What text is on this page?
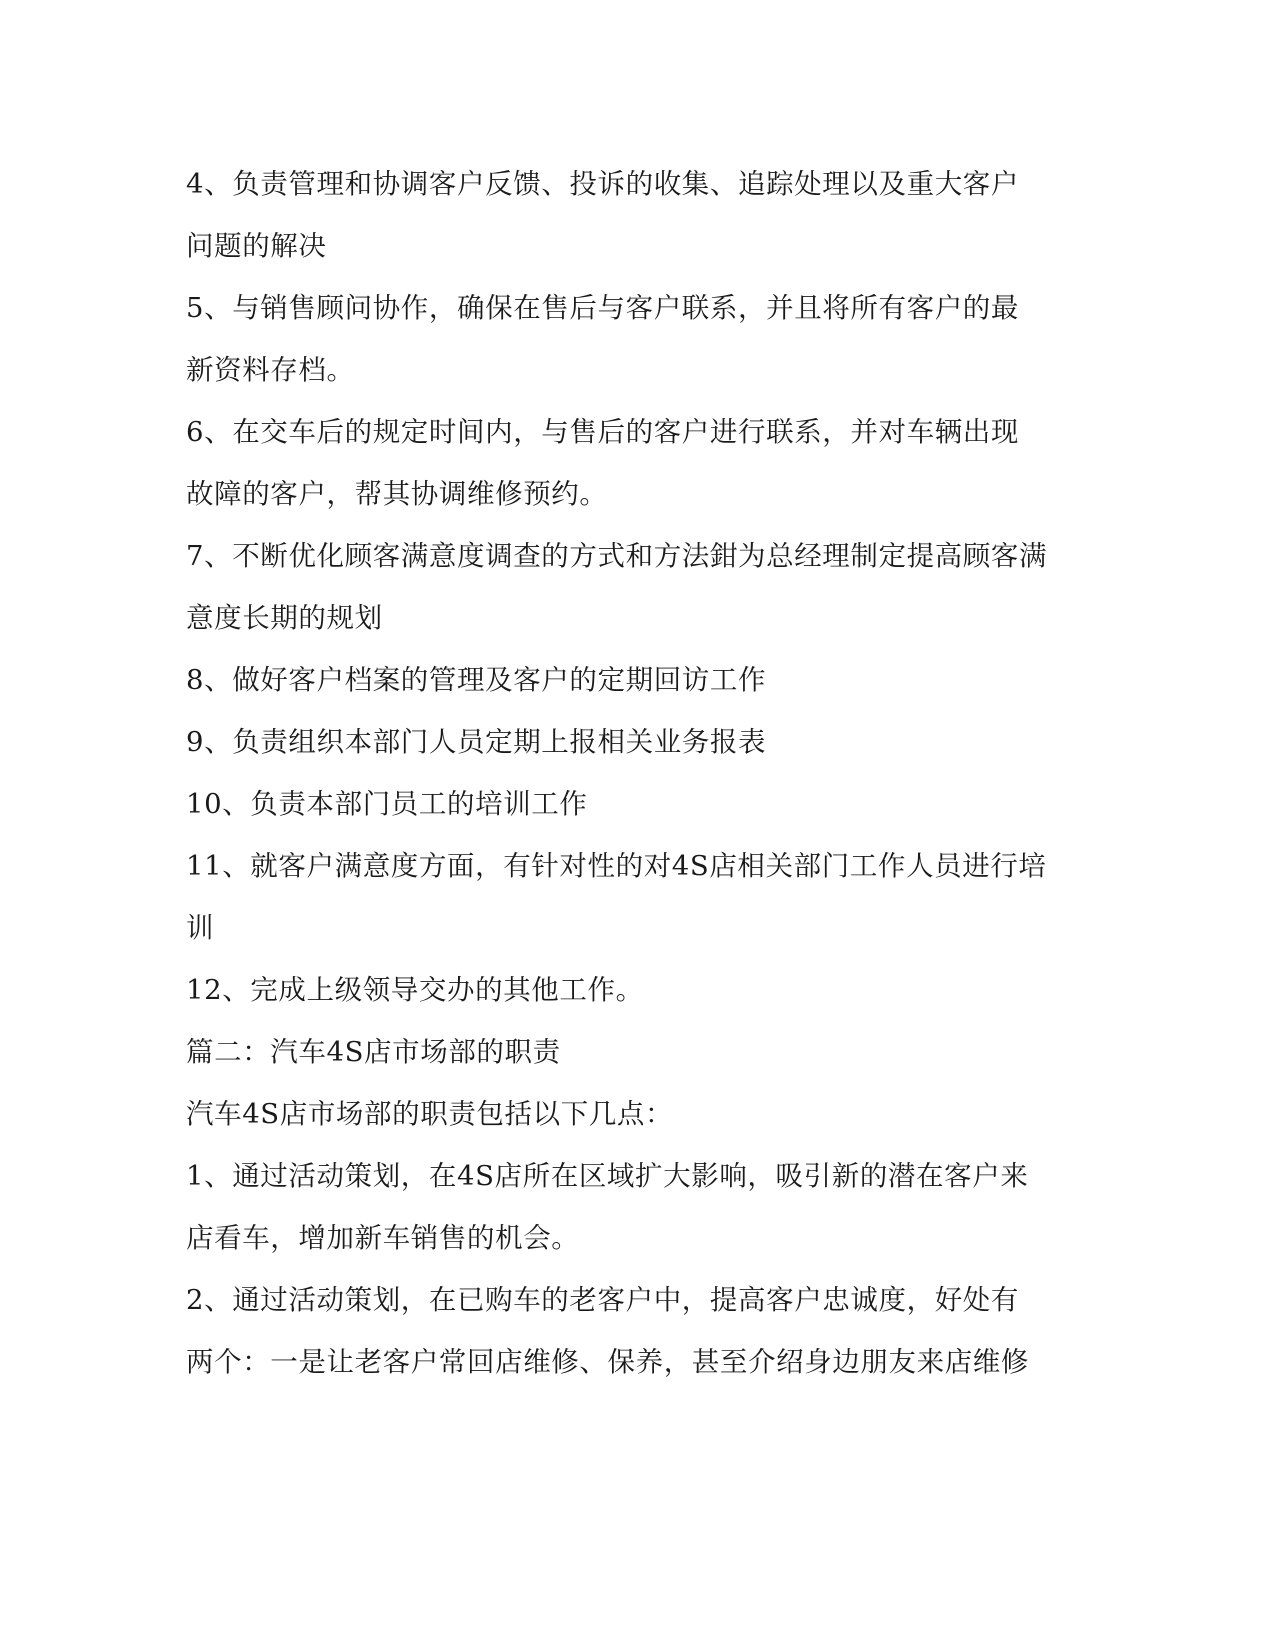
4、负责管理和协调客户反馈、投诉的收集、追踪处理以及重大客户

问题的解决

5、与销售顾问协作，确保在售后与客户联系，并且将所有客户的最

新资料存档。

6、在交车后的规定时间内，与售后的客户进行联系，并对车辆出现

故障的客户，帮其协调维修预约。

7、不断优化顾客满意度调查的方式和方法鉗为总经理制定提高顾客满

意度长期的规划

8、做好客户档案的管理及客户的定期回访工作

9、负责组织本部门人员定期上报相关业务报表

10、负责本部门员工的培训工作

11、就客户满意度方面，有针对性的对4S店相关部门工作人员进行培

训

12、完成上级领导交办的其他工作。

篇二：汽车4S店市场部的职责

汽车4S店市场部的职责包括以下几点：

1、通过活动策划，在4S店所在区域扩大影响，吸引新的潜在客户来

店看车，增加新车销售的机会。

2、通过活动策划，在已购车的老客户中，提高客户忠诚度，好处有

两个：一是让老客户常回店维修、保养，甚至介绍身边朋友来店维修
